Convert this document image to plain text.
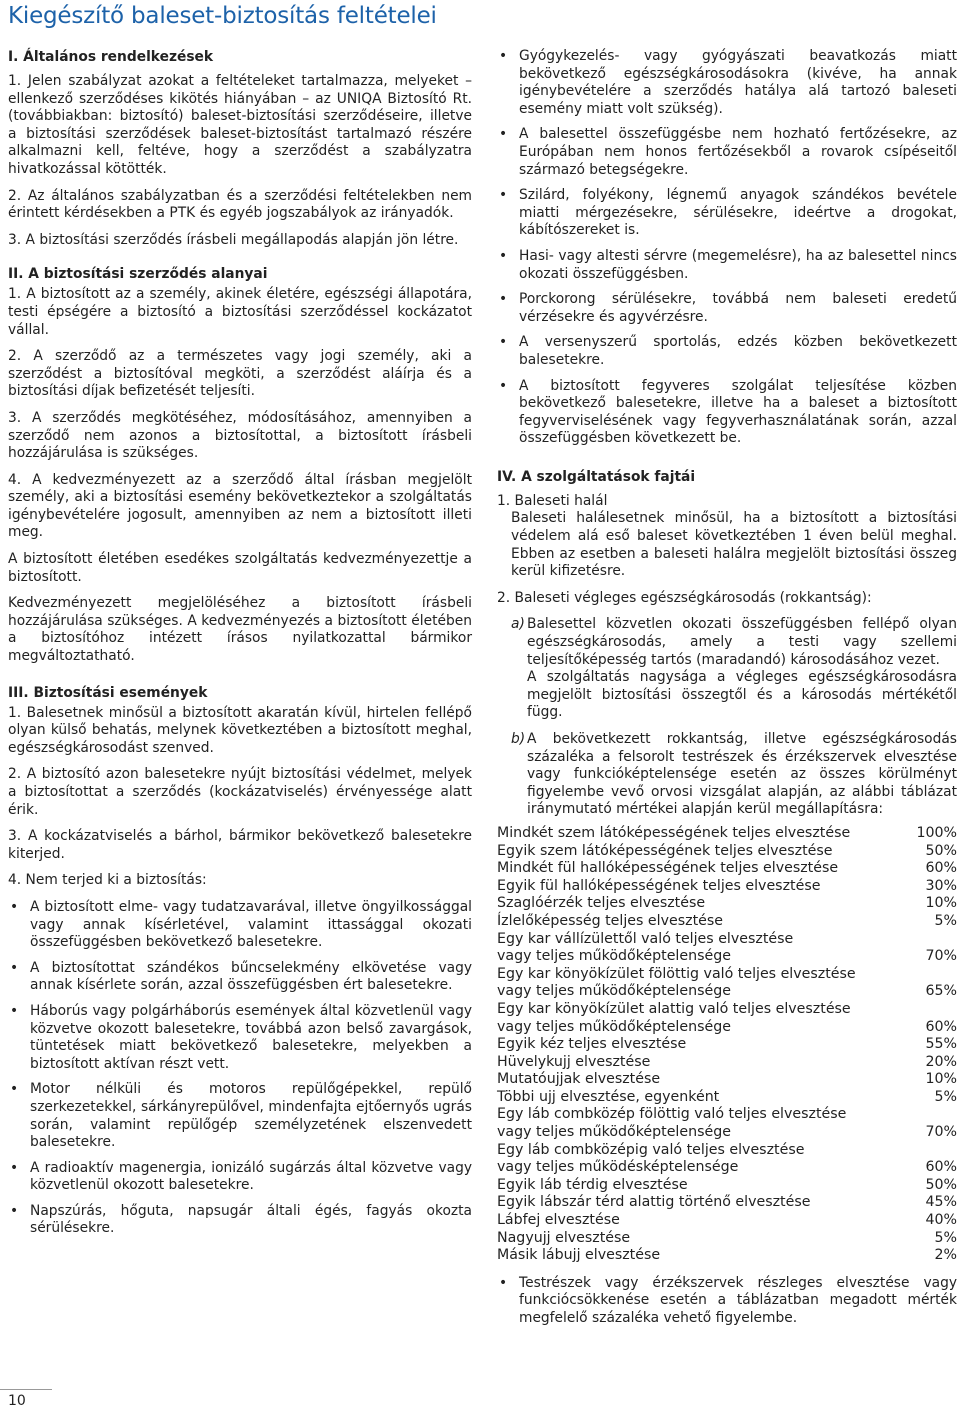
Kiegészítő baleset-biztosítás feltételei
I. Általános rendelkezések

1. Jelen szabályzat azokat a feltételeket tartalmazza, melyeket – ellenkező szerződéses kikötés hiányában – az UNIQA Biztosító Rt. (továbbiakban: biztosító) baleset-biztosítási szerződéseire, illetve a biztosítási szerződések baleset-biztosítást tartalmazó részére alkalmazni kell, feltéve, hogy a szerződést a szabályzatra hivatkozással kötötték.

2. Az általános szabályzatban és a szerződési feltételekben nem érintett kérdésekben a PTK és egyéb jogszabályok az irányadók.

3. A biztosítási szerződés írásbeli megállapodás alapján jön létre.

II. A biztosítási szerződés alanyai

1. A biztosított az a személy, akinek életére, egészségi állapotára, testi épségére a biztosító a biztosítási szerződéssel kockázatot vállal.

2. A szerződő az a természetes vagy jogi személy, aki a szerződést a biztosítóval megköti, a szerződést aláírja és a biztosítási díjak befizetését teljesíti.

3. A szerződés megkötéséhez, módosításához, amennyiben a szerződő nem azonos a biztosítottal, a biztosított írásbeli hozzájárulása is szükséges.

4. A kedvezményezett az a szerződő által írásban megjelölt személy, aki a biztosítási esemény bekövetkeztekor a szolgáltatás igénybevételére jogosult, amennyiben az nem a biztosított illeti meg.

A biztosított életében esedékes szolgáltatás kedvezményezettje a biztosított.

Kedvezményezett megjelöléséhez a biztosított írásbeli hozzájárulása szükséges. A kedvezményezés a biztosított életében a biztosítóhoz intézett írásos nyilatkozattal bármikor megváltoztatható.

III. Biztosítási események

1. Balesetnek minősül a biztosított akaratán kívül, hirtelen fellépő olyan külső behatás, melynek következtében a biztosított meghal, egészségkárosodást szenved.

2. A biztosító azon balesetekre nyújt biztosítási védelmet, melyek a biztosítottat a szerződés (kockázatviselés) érvényessége alatt érik.

3. A kockázatviselés a bárhol, bármikor bekövetkező balesetekre kiterjed.

4. Nem terjed ki a biztosítás:

• A biztosított elme- vagy tudatzavarával, illetve öngyilkossággal vagy annak kísérletével, valamint ittassággal okozati összefüggésben bekövetkező balesetekre.
• A biztosítottat szándékos bűncselekmény elkövetése vagy annak kísérlete során, azzal összefüggésben ért balesetekre.
• Háborús vagy polgárháborús események által közvetlenül vagy közvetve okozott balesetekre, továbbá azon belső zavargások, tüntetések miatt bekövetkező balesetekre, melyekben a biztosított aktívan részt vett.
• Motor nélküli és motoros repülőgépekkel, repülő szerkezetekkel, sárkányrepülővel, mindenfajta ejtőernyős ugrás során, valamint repülőgép személyzetének elszenvedett balesetekre.
• A radioaktív magenergia, ionizáló sugárzás által közvetve vagy közvetlenül okozott balesetekre.
• Napszúrás, hőguta, napsugár általi égés, fagyás okozta sérülésekre.
• Gyógykezelés- vagy gyógyászati beavatkozás miatt bekövetkező egészségkárosodásokra (kivéve, ha annak igénybevételére a szerződés hatálya alá tartozó baleseti esemény miatt volt szükség).
• A balesettel összefüggésbe nem hozható fertőzésekre, az Európában nem honos fertőzésekből a rovarok csípéseitől származó betegségekre.
• Szilárd, folyékony, légnemű anyagok szándékos bevétele miatti mérgezésekre, sérülésekre, ideértve a drogokat, kábítószereket is.
• Hasi- vagy altesti sérvre (megemelésre), ha az balesettel nincs okozati összefüggésben.
• Porckorong sérülésekre, továbbá nem baleseti eredetű vérzésekre és agyvérzésre.
• A versenyszerű sportolás, edzés közben bekövetkezett balesetekre.
• A biztosított fegyveres szolgálat teljesítése közben bekövetkező balesetekre, illetve ha a baleset a biztosított fegyverviselésének vagy fegyverhasználatának során, azzal összefüggésben következett be.
IV. A szolgáltatások fajtái

1. Baleseti halál

Baleseti halálesetnek minősül, ha a biztosított a biztosítási védelem alá eső baleset következtében 1 éven belül meghal. Ebben az esetben a baleseti halálra megjelölt biztosítási összeg kerül kifizetésre.

2. Baleseti végleges egészségkárosodás (rokkantság):

a) Balesettel közvetlen okozati összefüggésben fellépő olyan egészségkárosodás, amely a testi vagy szellemi teljesítőképesség tartós (maradandó) károsodásához vezet.
A szolgáltatás nagysága a végleges egészségkárosodásra megjelölt biztosítási összegtől és a károsodás mértékétől függ.
b) A bekövetkezett rokkantság, illetve egészségkárosodás százaléka a felsorolt testrészek és érzékszervek elvesztése vagy funkcióképtelensége esetén az összes körülményt figyelembe vevő orvosi vizsgálat alapján, az alábbi táblázat iránymutató mértékei alapján kerül megállapításra:
Mindkét szem látóképességének teljes elvesztése	100%
Egyik szem látóképességének teljes elvesztése	50%
Mindkét fül hallóképességének teljes elvesztése	60%
Egyik fül hallóképességének teljes elvesztése	30%
Szaglóérzék teljes elvesztése	10%
Ízlelőképesség teljes elvesztése	5%
Egy kar vállízülettől való teljes elvesztése	
vagy teljes működőképtelensége	70%
Egy kar könyökízület fölöttig való teljes elvesztése	
vagy teljes működőképtelensége	65%
Egy kar könyökízület alattig való teljes elvesztése	
vagy teljes működőképtelensége	60%
Egyik kéz teljes elvesztése	55%
Hüvelykujj elvesztése	20%
Mutatóujjak elvesztése	10%
Többi ujj elvesztése, egyenként	5%
Egy láb combközép fölöttig való teljes elvesztése	
vagy teljes működőképtelensége	70%
Egy láb combközépig való teljes elvesztése	
vagy teljes működésképtelensége	60%
Egyik láb térdig elvesztése	50%
Egyik lábszár térd alattig történő elvesztése	45%
Lábfej elvesztése	40%
Nagyujj elvesztése	5%
Másik lábujj elvesztése	2%
• Testrészek vagy érzékszervek részleges elvesztése vagy funkciócsökkenése esetén a táblázatban megadott mérték megfelelő százaléka vehető figyelembe.
10
